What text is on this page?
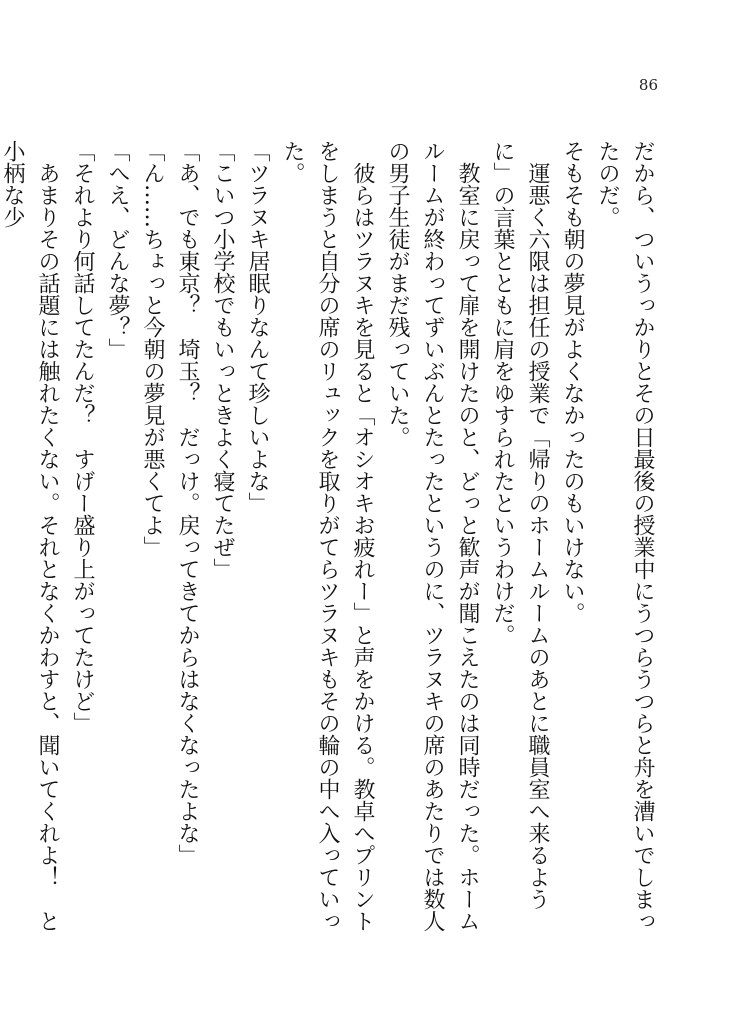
86

だから、ついうっかりとその日最後の授業中にうつらうつらと舟を漕いでしまったのだ。

そもそも朝の夢見がよくなかったのもいけない。

運悪く六限は担任の授業で「帰りのホームルームのあとに職員室へ来るように」の言葉とともに肩をゆすられたというわけだ。

教室に戻って扉を開けたのと、どっと歓声が聞こえたのは同時だった。ホームルームが終わってずいぶんとたったというのに、ツラヌキの席のあたりでは数人の男子生徒がまだ残っていた。

彼らはツラヌキを見ると「オシオキお疲れー」と声をかける。教卓へプリントをしまうと自分の席のリュックを取りがてらツラヌキもその輪の中へ入っていった。

「ツラヌキ居眠りなんて珍しいよな」

「こいつ小学校でもいっときよく寝てたぜ」

「あ、でも東京？　埼玉？　だっけ。戻ってきてからはなくなったよな」

「ん……ちょっと今朝の夢見が悪くてよ」

「へえ、どんな夢？」

「それより何話してたんだ？　すげー盛り上がってたけど」

あまりその話題には触れたくない。それとなくかわすと、聞いてくれよ！　と小柄な少
